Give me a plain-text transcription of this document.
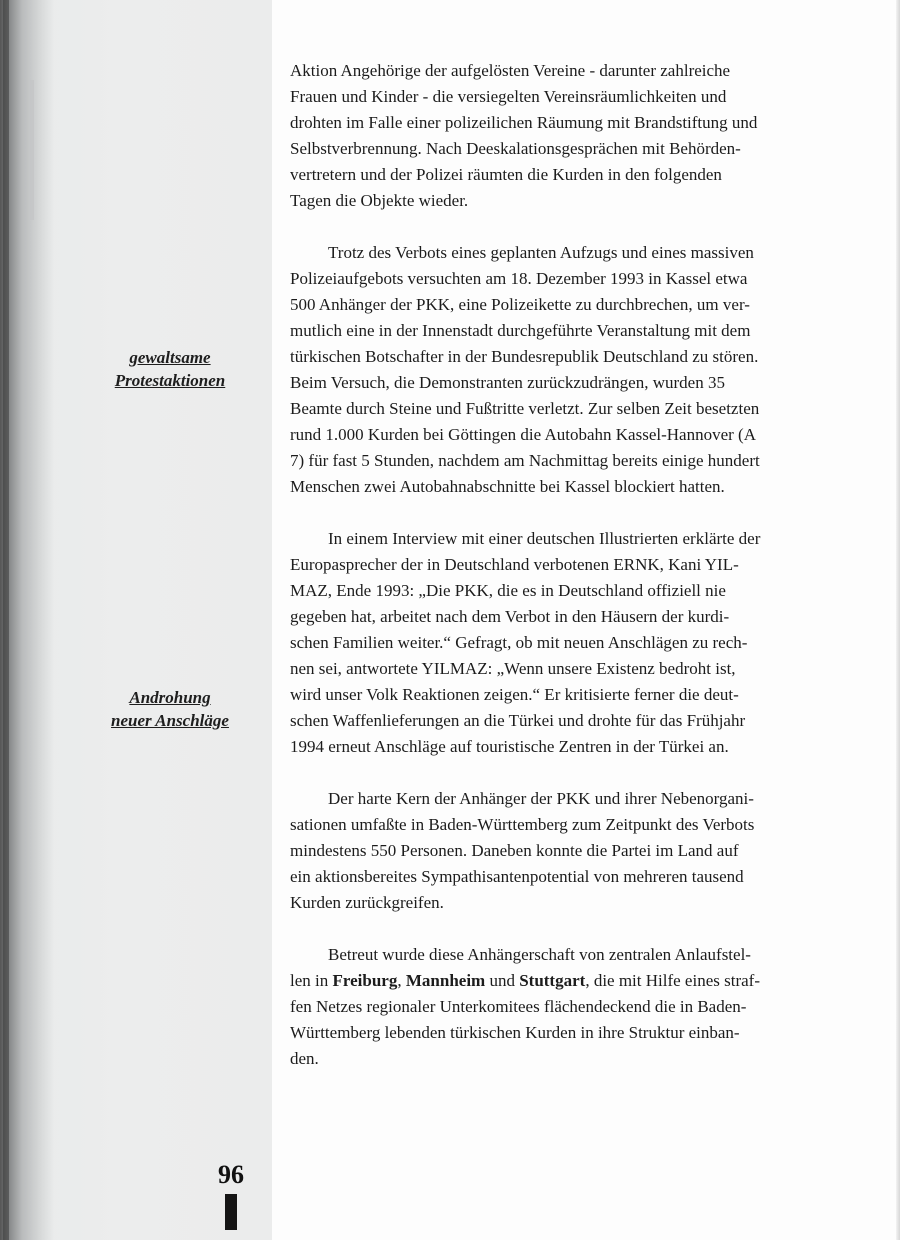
gewaltsame
Protestaktionen
Androhung
neuer Anschläge

Aktion Angehörige der aufgelösten Vereine - darunter zahlreiche
Frauen und Kinder - die versiegelten Vereinsräumlichkeiten und
drohten im Falle einer polizeilichen Räumung mit Brandstiftung und
Selbstverbrennung. Nach Deeskalationsgesprächen mit Behörden-
vertretern und der Polizei räumten die Kurden in den folgenden
Tagen die Objekte wieder.

Trotz des Verbots eines geplanten Aufzugs und eines massiven
Polizeiaufgebots versuchten am 18. Dezember 1993 in Kassel etwa
500 Anhänger der PKK, eine Polizeikette zu durchbrechen, um ver-
mutlich eine in der Innenstadt durchgeführte Veranstaltung mit dem
türkischen Botschafter in der Bundesrepublik Deutschland zu stören.
Beim Versuch, die Demonstranten zurückzudrängen, wurden 35
Beamte durch Steine und Fußtritte verletzt. Zur selben Zeit besetzten
rund 1.000 Kurden bei Göttingen die Autobahn Kassel-Hannover (A
7) für fast 5 Stunden, nachdem am Nachmittag bereits einige hundert
Menschen zwei Autobahnabschnitte bei Kassel blockiert hatten.

In einem Interview mit einer deutschen Illustrierten erklärte der
Europasprecher der in Deutschland verbotenen ERNK, Kani YIL-
MAZ, Ende 1993: „Die PKK, die es in Deutschland offiziell nie
gegeben hat, arbeitet nach dem Verbot in den Häusern der kurdi-
schen Familien weiter.“ Gefragt, ob mit neuen Anschlägen zu rech-
nen sei, antwortete YILMAZ: „Wenn unsere Existenz bedroht ist,
wird unser Volk Reaktionen zeigen.“ Er kritisierte ferner die deut-
schen Waffenlieferungen an die Türkei und drohte für das Frühjahr
1994 erneut Anschläge auf touristische Zentren in der Türkei an.

Der harte Kern der Anhänger der PKK und ihrer Nebenorgani-
sationen umfaßte in Baden-Württemberg zum Zeitpunkt des Verbots
mindestens 550 Personen. Daneben konnte die Partei im Land auf
ein aktionsbereites Sympathisantenpotential von mehreren tausend
Kurden zurückgreifen.

Betreut wurde diese Anhängerschaft von zentralen Anlaufstel-
len in Freiburg, Mannheim und Stuttgart, die mit Hilfe eines straf-
fen Netzes regionaler Unterkomitees flächendeckend die in Baden-
Württemberg lebenden türkischen Kurden in ihre Struktur einban-
den.

96
